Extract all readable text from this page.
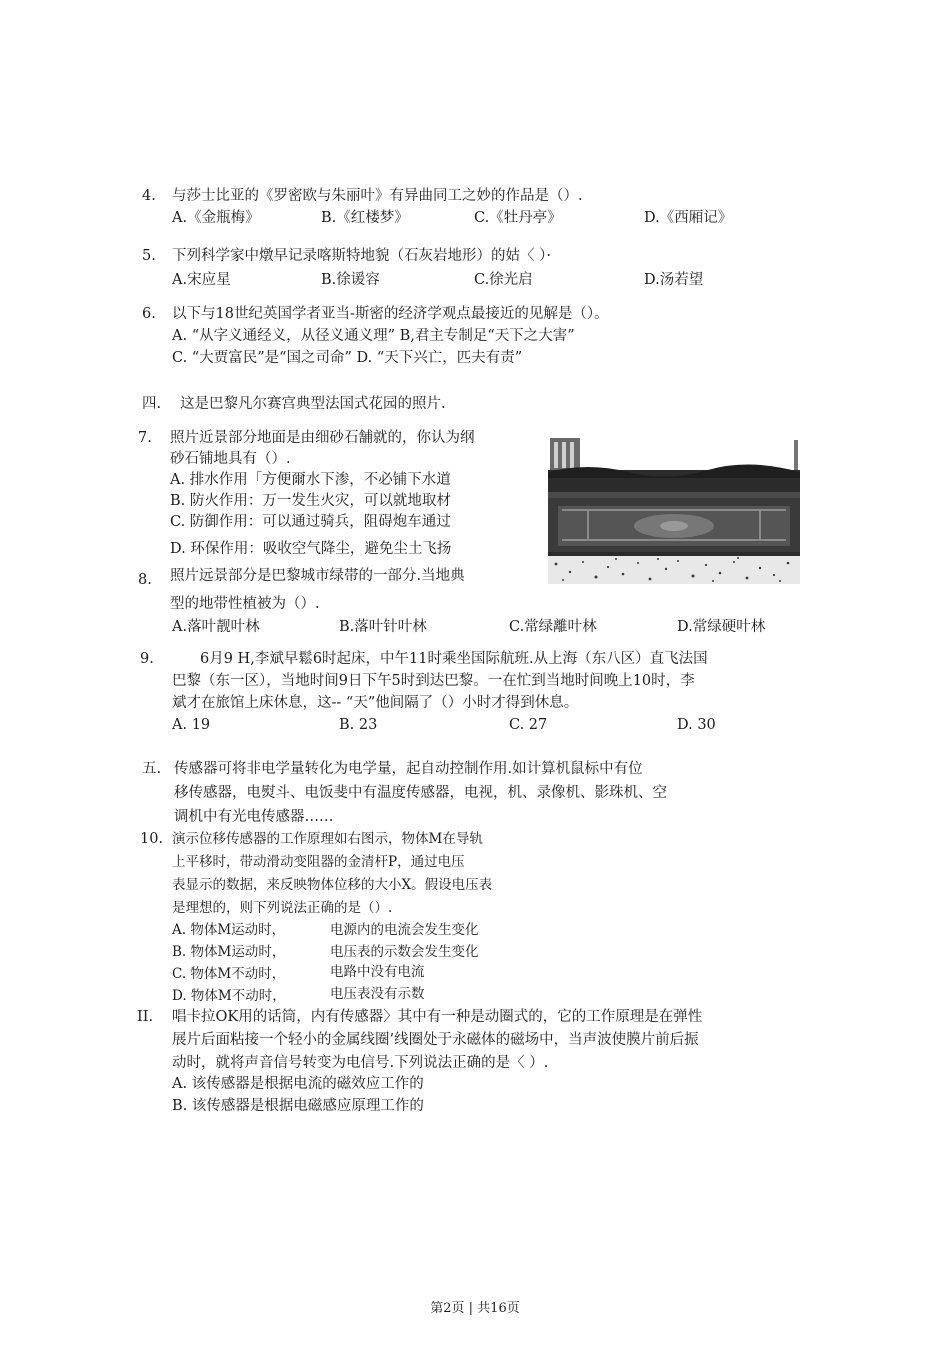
4. 与莎士比亚的《罗密欧与朱丽叶》有异曲同工之妙的作品是（）.
A.《金瓶梅》	B.《红楼梦》	C.《牡丹亭》	D.《西厢记》
5. 下列科学家中燉早记录喀斯特地貌（石灰岩地形）的姑〈 ）·
A.宋应星	B.徐谖容	C.徐光启	D.汤若望
6. 以下与18世纪英国学者亚当-斯密的经济学观点最接近的见解是（）。
A. “从字义通经义，从径义通义理” B,君主专制足“天下之大害”
C. “大贾富民”是“国之司命” D. “天下兴亡，匹夫有责”
四. 这是巴黎凡尔赛宫典型法国式花园的照片.
7. 照片近景部分地面是由细砂石舗就的，你认为纲
砂石铺地具有（）.
A. 排水作用「方便爾水下渗，不必铺下水道
B. 防火作用：万一发生火灾，可以就地取材
C. 防御作用：可以通过骑兵，阻碍炮车通过
D. 环保作用：吸收空气降尘，避免尘土飞扬
8. 照片远景部分是巴黎城市绿帯的一部分.当地典
型的地带性植被为（）.
A.落叶靓叶林	B.落叶针叶林	C.常绿離叶林	D.常绿硬叶林
9.	6月9 H,李斌早鬆6时起床，中午11时乘坐国际航班.从上海（东八区）直飞法国
巴黎（东一区），当地时间9日下午5时到达巴黎。一在忙到当地时间晚上10时，李
斌才在旅馆上床休息，这-- “天”他间隔了（）小时才得到休息。
A. 19	B. 23	C. 27	D. 30
五. 传感器可将非电学量转化为电学量，起自动控制作用.如计算机鼠标中有位
移传感器，电熨斗、电饭斐中有温度传感器，电视，机、录像机、影珠机、空
调机中有光电传感器……
10. 演示位移传感器的工作原理如右图示，物体M在导轨
上平移时，带动滑动变阻器的金清杆P，通过电压
表显示的数据，来反映物体位移的大小X。假设电压表
是理想的，则下列说法正确的是（）.
A. 物体M运动时，	电源内的电流会发生变化
B. 物体M运动时，	电压表的示数会发生变化
C. 物体M不动时，	电路中没有电流
D. 物体M不动时，	电压表没有示数
II. 唱卡拉OK用的话筒，内有传感器〉其中有一种是动圈式的，它的工作原理是在弹性
展片后面粘接一个轻小的金属线圈’线圈处于永磁体的磁场中，当声波使膜片前后振
动时，就将声音信号转变为电信号.下列说法正确的是〈 ）.
A. 该传感器是根据电流的磁效应工作的
B. 该传感器是根据电磁感应原理工作的
第2页 | 共16页
